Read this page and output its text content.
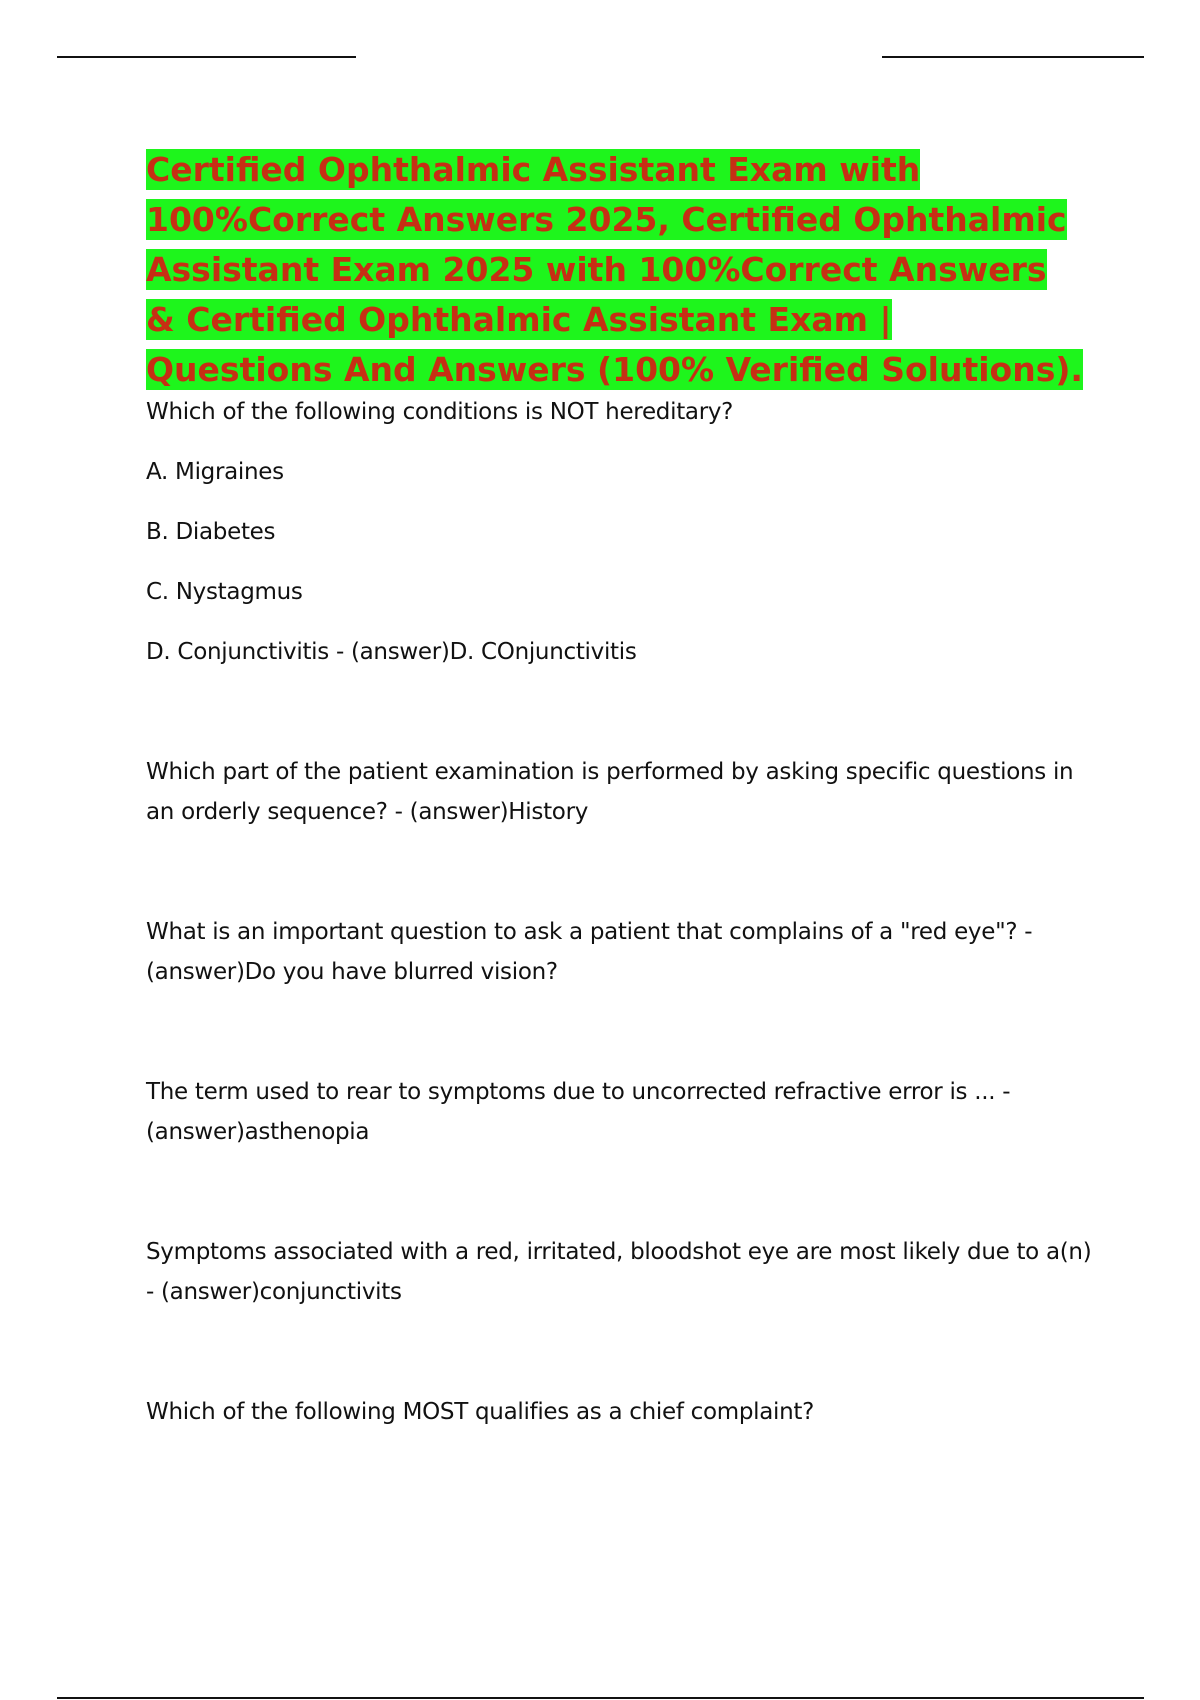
Certified Ophthalmic Assistant Exam with 100%Correct Answers 2025, Certified Ophthalmic Assistant Exam 2025 with 100%Correct Answers & Certified Ophthalmic Assistant Exam | Questions And Answers (100% Verified Solutions).

Which of the following conditions is NOT hereditary?

A. Migraines

B. Diabetes

C. Nystagmus

D. Conjunctivitis - (answer)D. COnjunctivitis

Which part of the patient examination is performed by asking specific questions in an orderly sequence? - (answer)History

What is an important question to ask a patient that complains of a "red eye"? - (answer)Do you have blurred vision?

The term used to rear to symptoms due to uncorrected refractive error is ... - (answer)asthenopia

Symptoms associated with a red, irritated, bloodshot eye are most likely due to a(n) - (answer)conjunctivits

Which of the following MOST qualifies as a chief complaint?
